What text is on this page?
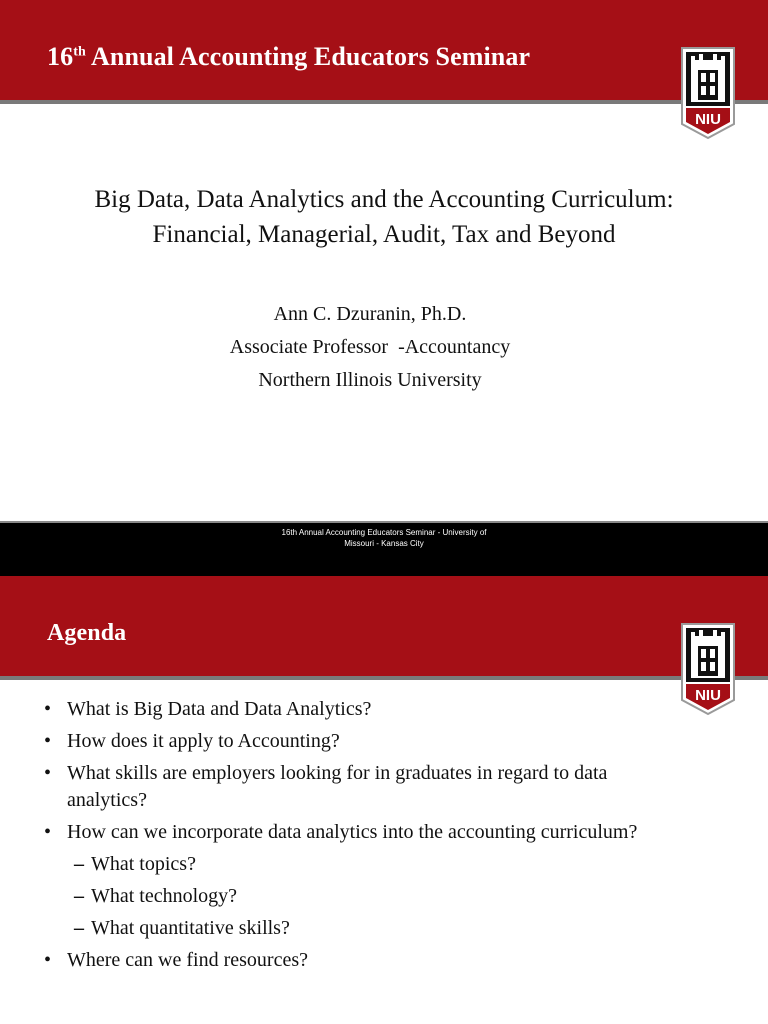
16th Annual Accounting Educators Seminar
NIU
Big Data, Data Analytics and the Accounting Curriculum:
Financial, Managerial, Audit, Tax and Beyond
Ann C. Dzuranin, Ph.D.
Associate Professor  -Accountancy
Northern Illinois University
16th Annual Accounting Educators Seminar - University of
Missouri - Kansas City
Agenda
NIU
• What is Big Data and Data Analytics?
• How does it apply to Accounting?
• What skills are employers looking for in graduates in regard to data analytics?
• How can we incorporate data analytics into the accounting curriculum?
– What topics?
– What technology?
– What quantitative skills?
• Where can we find resources?
